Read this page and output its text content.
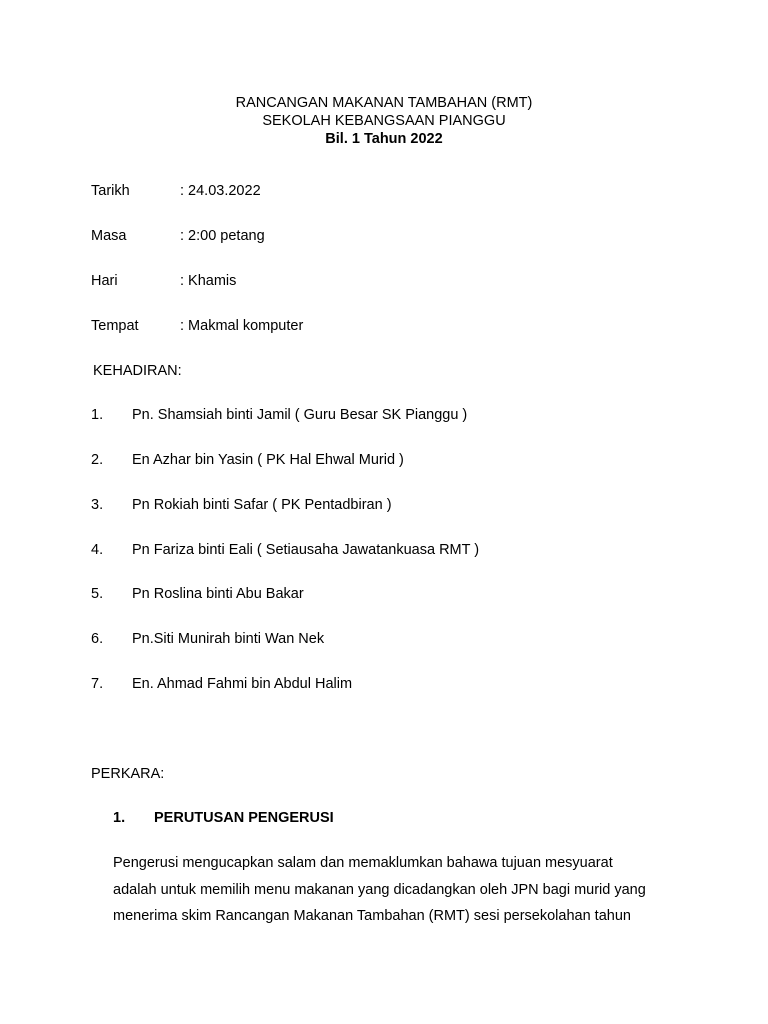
RANCANGAN MAKANAN TAMBAHAN (RMT)
SEKOLAH KEBANGSAAN PIANGGU
Bil. 1 Tahun 2022
Tarikh	: 24.03.2022
Masa	: 2:00 petang
Hari	: Khamis
Tempat	: Makmal komputer
KEHADIRAN:
1. Pn. Shamsiah binti Jamil ( Guru Besar SK Pianggu )
2. En Azhar bin Yasin ( PK Hal Ehwal Murid )
3. Pn Rokiah binti Safar ( PK Pentadbiran )
4. Pn Fariza binti Eali ( Setiausaha Jawatankuasa RMT )
5. Pn Roslina binti Abu Bakar
6. Pn.Siti Munirah binti Wan Nek
7. En. Ahmad Fahmi bin Abdul Halim
PERKARA:
1. PERUTUSAN PENGERUSI
Pengerusi mengucapkan salam dan memaklumkan bahawa tujuan mesyuarat
adalah untuk memilih menu makanan yang dicadangkan oleh JPN bagi murid yang
menerima skim Rancangan Makanan Tambahan (RMT) sesi persekolahan tahun
